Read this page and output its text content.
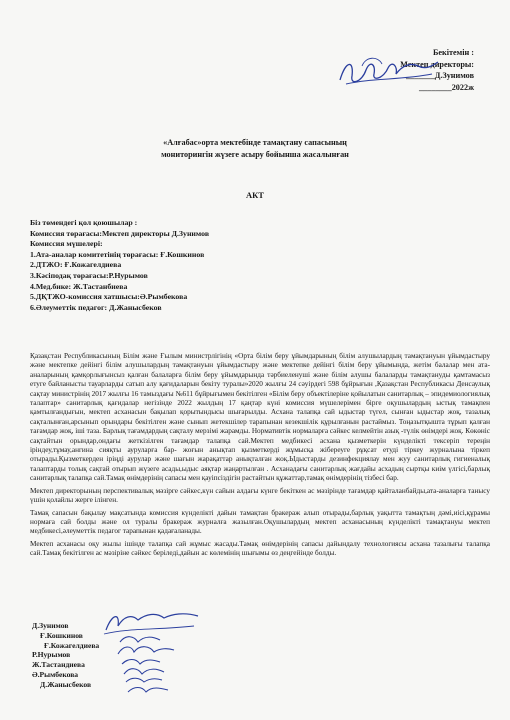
Бекітемін :
Мектеп директоры:
_______Д.Зунимов
________2022ж
«Алғабас»орта мектебінде тамақтану сапасының
мониторингін жүзеге асыру бойынша жасалынған
АКТ
Біз төмендегі қол қоюшылар :
Комиссия төрағасы:Мектеп директоры Д.Зунимов
Комиссия мүшелері:
1.Ата-аналар комитетінің төрағасы: Ғ.Кошкинов
2.ДТЖО: Ғ.Кожагелдиева
3.Кәсіподақ төрағасы:Р.Нурымов
4.Мед.бике: Ж.Тастанбиева
5.ДҚТЖО-комиссия хатшысы:Ә.Рымбекова
6.Әлеуметтік педагог: Д.Жанысбеков

Қазақстан Республикасының Білім және Ғылым министрлігінің «Орта білім беру ұйымдарының білім алушылардың тамақтануын ұйымдастыру және мектепке дейінгі білім алушылардың тамақтануын ұйымдастыру және мектепке дейінгі білім беру ұйымында, жетім балалар мен ата-аналарының қамқорлығынсыз қалған балаларға білім беру ұйымдарында тәрбиеленуші және білім алушы балаларды тамақтануды қамтамасыз етуге байланысты тауарларды сатып алу қағидаларын бекіту туралы»2020 жылғы 24 сәуірдегі 598 бұйрығын ,Қазақстан Республикасы Денсаулық сақтау министрінің 2017 жылғы 16 тамыздағы №611 бұйрығымен бекітілген «Білім беру объектілеріне қойылатын санитарлық – эпидемиологиялық талаптар» санитарлық қағидалар негізінде 2022 жылдың 17 қаңтар күні комиссия мүшелерімен бірге оқушылардың ыстық тамақпен қамтылғандығын, мектеп асханасын бақылап қорытындысы шығарылды. Асхана талапқа сай ыдыстар түгел, сынған ыдыстар жоқ, тазалық сақталынған,арсынып орындары бекітілген және сынып жетекшілер тарапынан кезекшілік құрылғанын растаймыз. Тоңазытқышта тұрып қалған тағамдар жоқ, іші таза. Барлық тағамдардың сақталу мерзімі жарамды. Нормативтік нормаларға сәйкес келмейтін азық -түлік өнімдері жоқ. Көкөніс сақтайтын орындар,ондағы жеткізілген тағамдар талапқа сай.Мектеп медбикесі асхана қызметкерін күнделікті тексеріп тереңін іріндеу,тұмау,ангина сияқты ауруларға бар- жоғын анықтап қызметкерді жұмысқа жібереуге рұқсат етуді тіркеу журналына тіркеп отырады.Қызметкерден іріңді аурулар және шағын жарақаттар анықталған жоқ.Ыдыстарды дезинфекциялау мен жуу санитарлық гигиеналық талаптарды толық сақтай отырып жүзеге асады,ыдыс аяқтар жаңартылған . Асханадағы санитарлық жағдайы асхадың сыртқы киім үлгісі,барлық санитарлық талапқа сай.Тамақ өнімдерінің сапасы мен қауіпсіздігін растайтын құжаттар,тамақ өнімдерінің тізбесі бар.

Мектеп директорының перспективалық мәзірге сәйкес,күн сайын алдағы күнге бекіткен ас мәзірінде тағамдар қайталанбайды,ата-аналарға танысу үшін қолайлы жерге ілінген.

Тамақ сапасын бақылау мақсатында комиссия күнделікті дайын тамақтан бракераж алып отырады,барлық уақытта тамақтың дәмі,иісі,құрамы нормаға сай болды және ол туралы бракераж журналға жазылған.Оқушылардың мектеп асханасының күнделікті тамақтануы мектеп медбикесі,әлеуметтік педагог тарапынан қадағаланады.

Мектеп асханасы оқу жылы ішінде талапқа сай жұмыс жасады.Тамақ өнімдерінің сапасы дайындалу технологиясы асхана тазалығы талапқа сай.Тамақ бекітілген ас мәзіріне сәйкес беріледі,дайын ас көлемінің шығымы өз деңгейінде болды.

Д.Зунимов
Ғ.Кошкинов
Ғ.Кожагелдиева
Р.Нурымов
Ж.Тастандиева
Ә.Рымбекова
Д.Жанысбеков
